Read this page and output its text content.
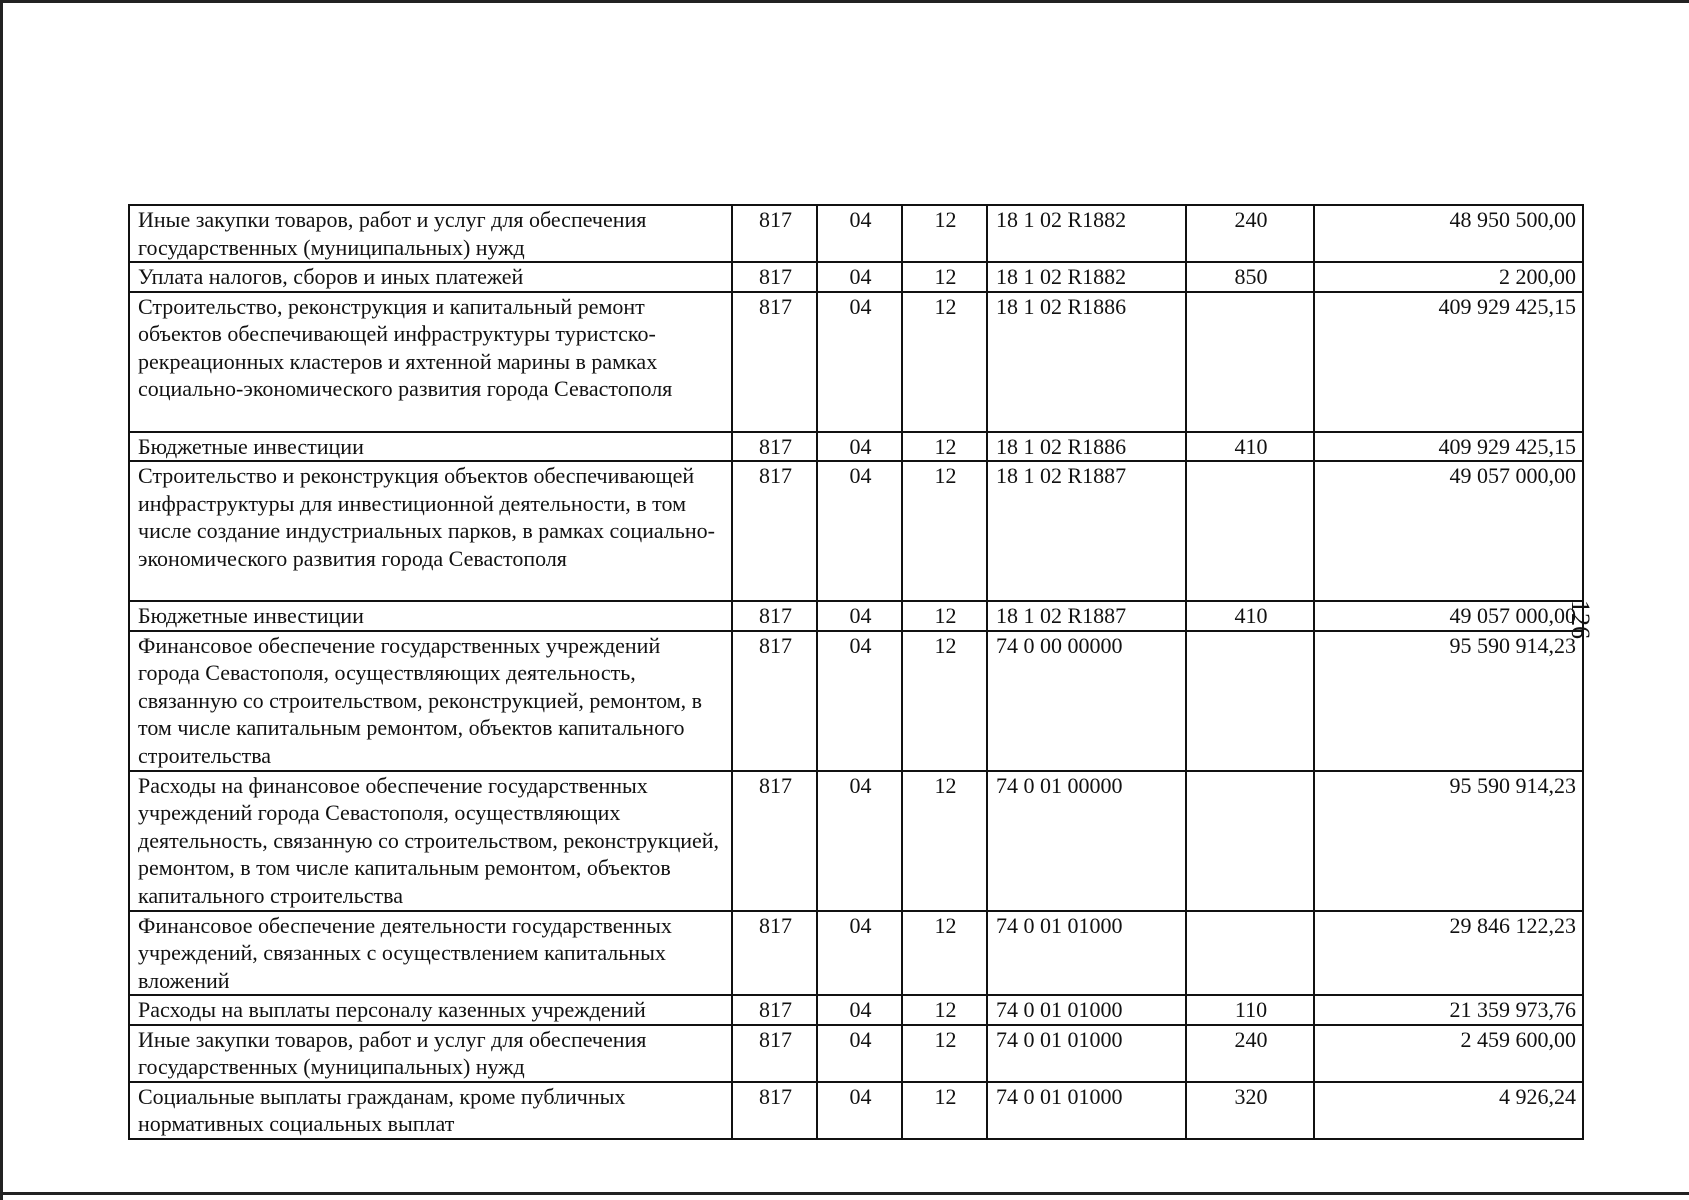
Иные закупки товаров, работ и услуг для обеспечения государственных (муниципальных) нужд	817	04	12	18 1 02 R1882	240	48 950 500,00
Уплата налогов, сборов и иных платежей	817	04	12	18 1 02 R1882	850	2 200,00
Строительство, реконструкция и капитальный ремонт объектов обеспечивающей инфраструктуры туристско-рекреационных кластеров и яхтенной марины в рамках социально-экономического развития города Севастополя	817	04	12	18 1 02 R1886		409 929 425,15
Бюджетные инвестиции	817	04	12	18 1 02 R1886	410	409 929 425,15
Строительство и реконструкция объектов обеспечивающей инфраструктуры для инвестиционной деятельности, в том числе создание индустриальных парков, в рамках социально-экономического развития города Севастополя	817	04	12	18 1 02 R1887		49 057 000,00
Бюджетные инвестиции	817	04	12	18 1 02 R1887	410	49 057 000,00
Финансовое обеспечение государственных учреждений города Севастополя, осуществляющих деятельность, связанную со строительством, реконструкцией, ремонтом, в том числе капитальным ремонтом, объектов капитального строительства	817	04	12	74 0 00 00000		95 590 914,23
Расходы на финансовое обеспечение государственных учреждений города Севастополя, осуществляющих деятельность, связанную со строительством, реконструкцией, ремонтом, в том числе капитальным ремонтом, объектов капитального строительства	817	04	12	74 0 01 00000		95 590 914,23
Финансовое обеспечение деятельности государственных учреждений, связанных с осуществлением капитальных вложений	817	04	12	74 0 01 01000		29 846 122,23
Расходы на выплаты персоналу казенных учреждений	817	04	12	74 0 01 01000	110	21 359 973,76
Иные закупки товаров, работ и услуг для обеспечения государственных (муниципальных) нужд	817	04	12	74 0 01 01000	240	2 459 600,00
Социальные выплаты гражданам, кроме публичных нормативных социальных выплат	817	04	12	74 0 01 01000	320	4 926,24
126
